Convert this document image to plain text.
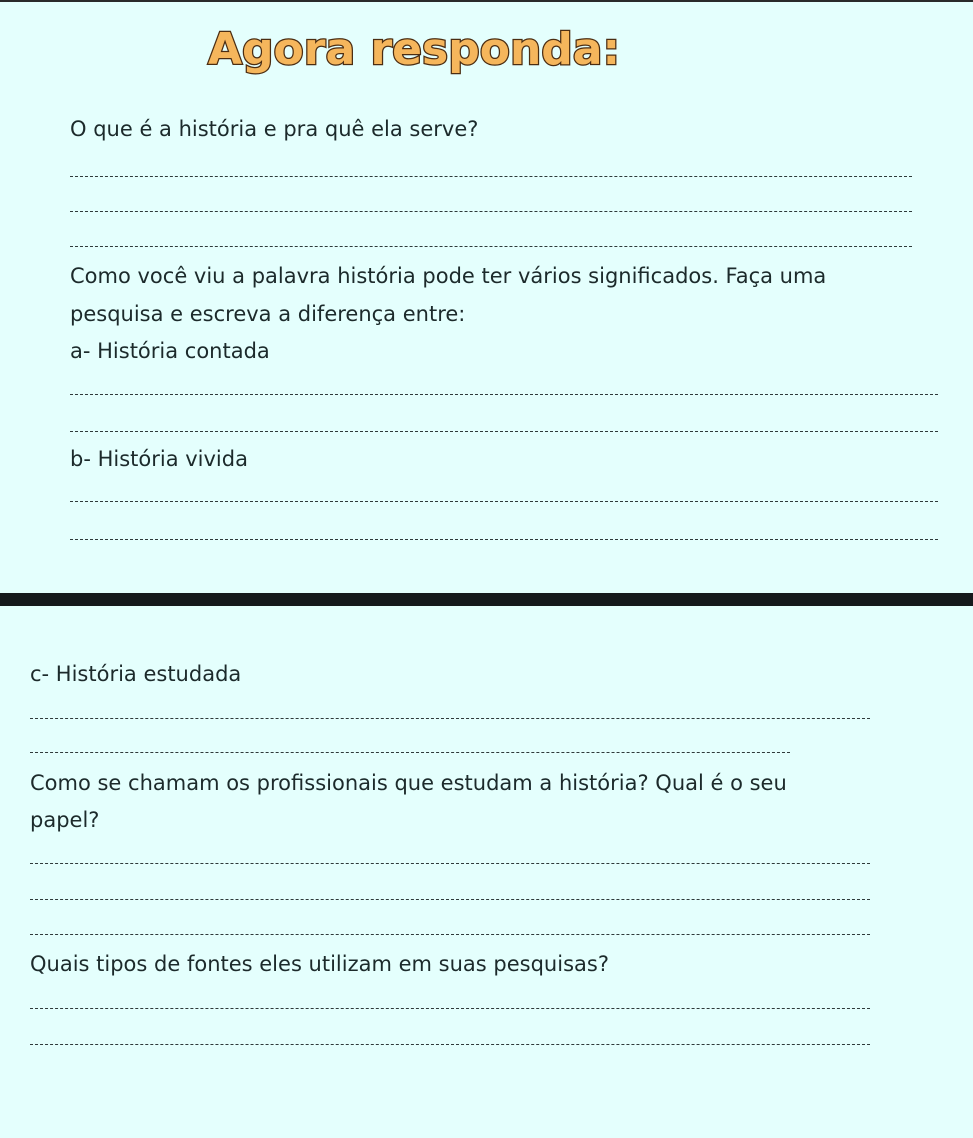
Agora responda:
O que é a história e pra quê ela serve?
Como você viu a palavra história pode ter vários significados. Faça uma
pesquisa e escreva a diferença entre:
a- História contada
b- História vivida
c- História estudada
Como se chamam os profissionais que estudam a história? Qual é o seu
papel?
Quais tipos de fontes eles utilizam em suas pesquisas?
